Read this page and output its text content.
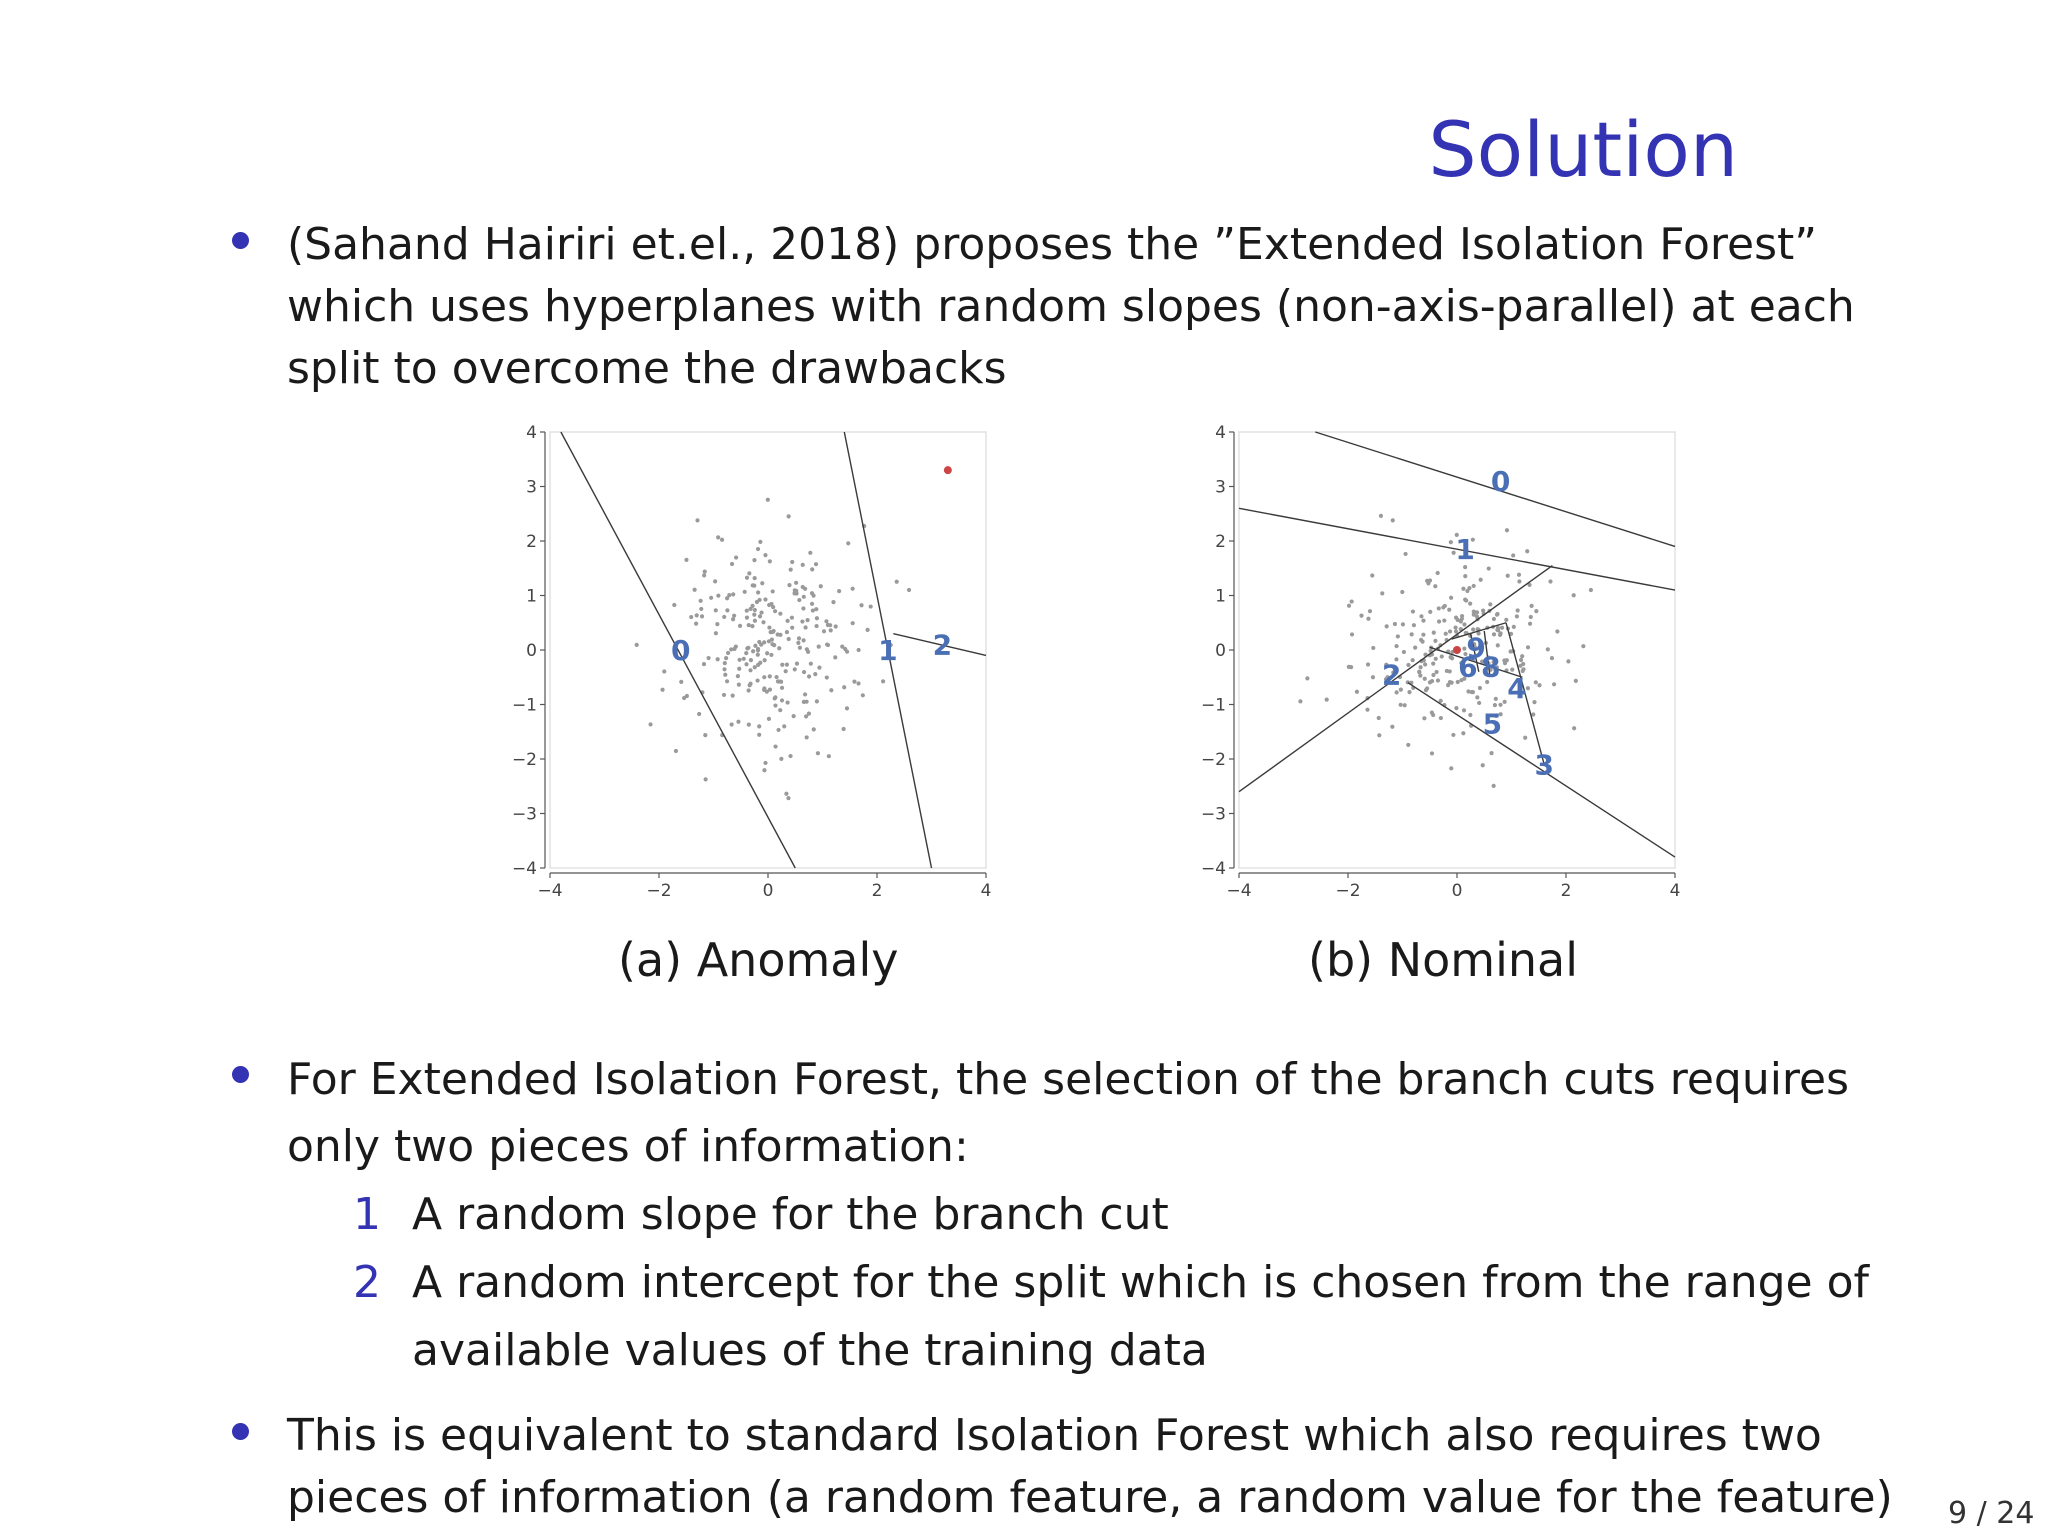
Solution
(Sahand Hairiri et.el., 2018) proposes the ”Extended Isolation Forest”
which uses hyperplanes with random slopes (non-axis-parallel) at each
split to overcome the drawbacks
4
3
2
1
0
−1
−2
−3
−4
−4	−2	0	2	4
0	1 2
(a) Anomaly
4
3
2
1
0
−1
−2
−3
−4
−4	−2	0	2	4
0
1
2
9
6 8
4
5
3
(b) Nominal
For Extended Isolation Forest, the selection of the branch cuts requires
only two pieces of information:
1 A random slope for the branch cut
2 A random intercept for the split which is chosen from the range of
available values of the training data
This is equivalent to standard Isolation Forest which also requires two
pieces of information (a random feature, a random value for the feature) 9 / 24
